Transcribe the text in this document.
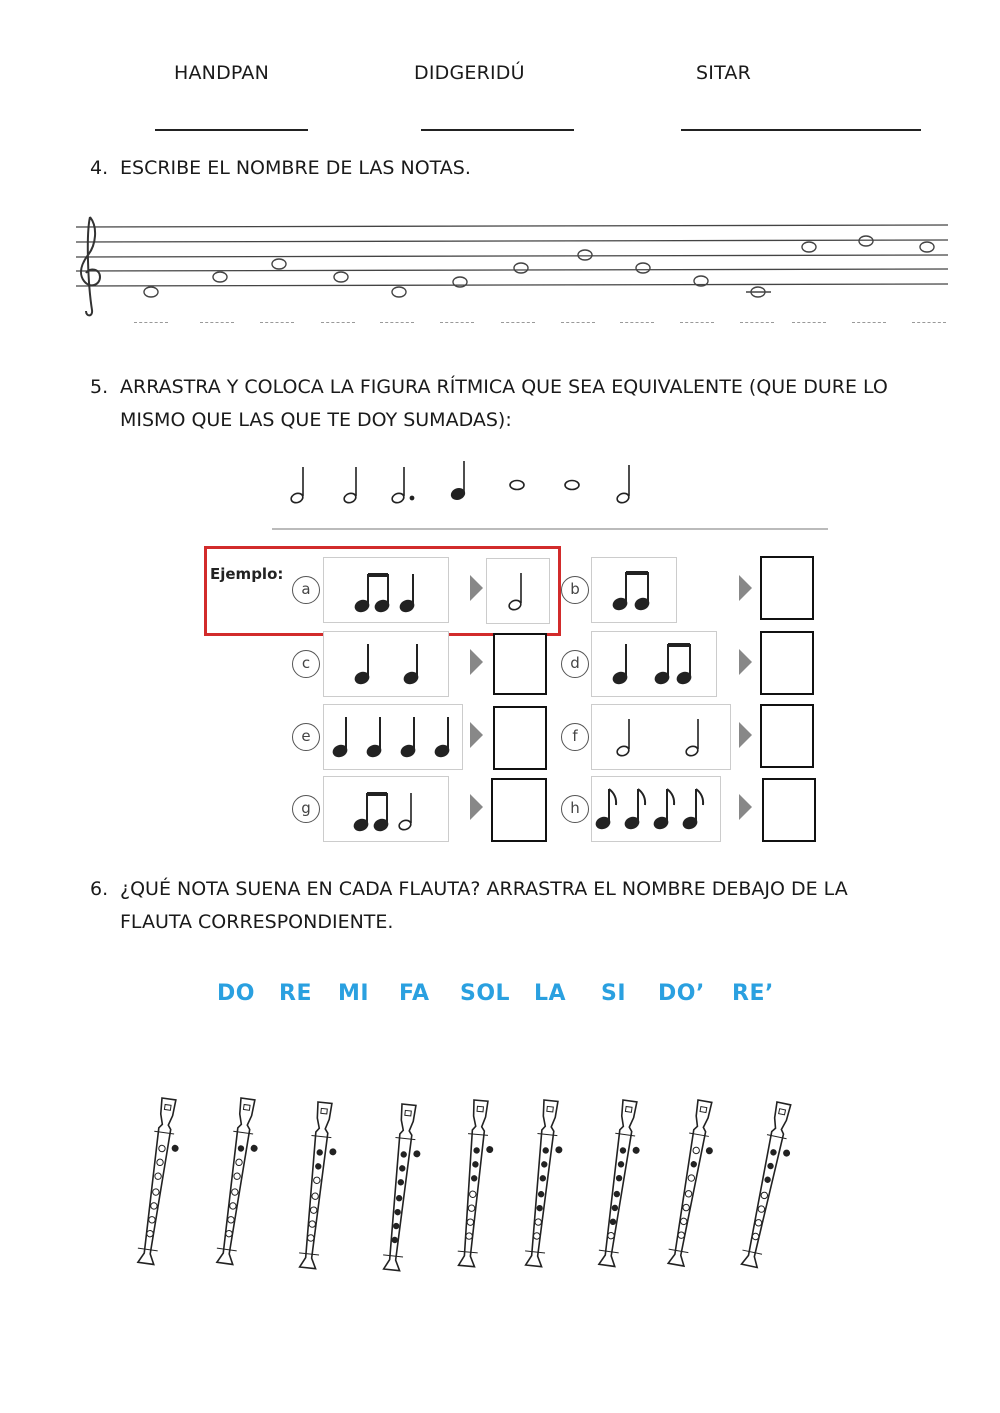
HANDPAN	DIDGERIDÚ	SITAR
4. ESCRIBE EL NOMBRE DE LAS NOTAS.
5. ARRASTRA Y COLOCA LA FIGURA RÍTMICA QUE SEA EQUIVALENTE (QUE DURE LO
MISMO QUE LAS QUE TE DOY SUMADAS):
Ejemplo:
a	b
c	d
e	f
g	h
6. ¿QUÉ NOTA SUENA EN CADA FLAUTA? ARRASTRA EL NOMBRE DEBAJO DE LA
FLAUTA CORRESPONDIENTE.
DO RE MI FA SOL LA SI DO’ RE’
